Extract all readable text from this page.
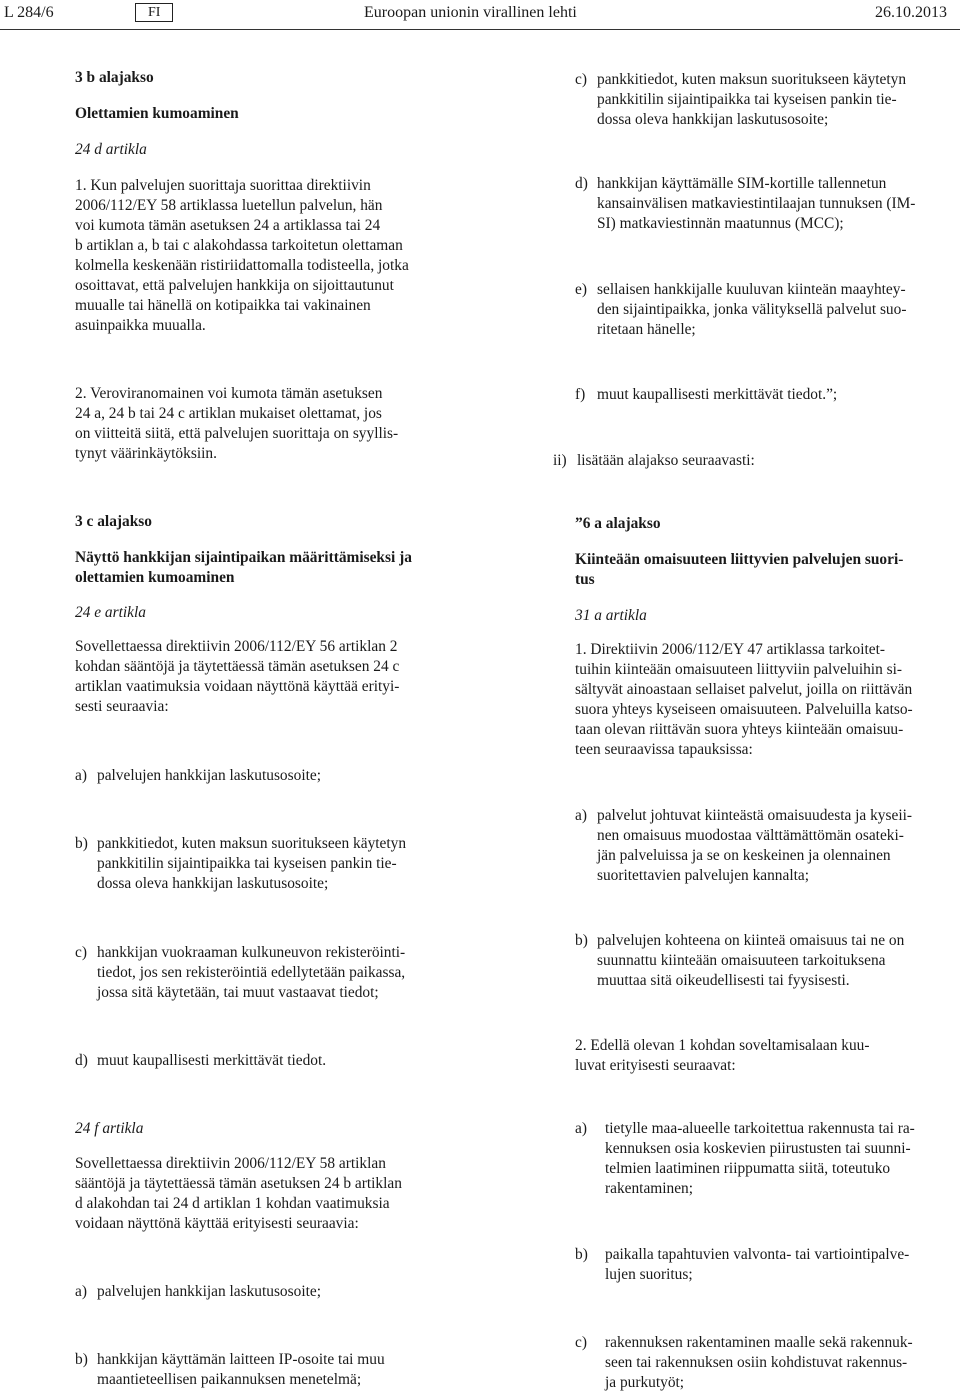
L 284/6	FI	Euroopan unionin virallinen lehti	26.10.2013
3 b alajakso
Olettamien kumoaminen
24 d artikla
1. Kun palvelujen suorittaja suorittaa direktiivin
2006/112/EY 58 artiklassa luetellun palvelun, hän
voi kumota tämän asetuksen 24 a artiklassa tai 24
b artiklan a, b tai c alakohdassa tarkoitetun olettaman
kolmella keskenään ristiriidattomalla todisteella, jotka
osoittavat, että palvelujen hankkija on sijoittautunut
muualle tai hänellä on kotipaikka tai vakinainen
asuinpaikka muualla.
2. Veroviranomainen voi kumota tämän asetuksen
24 a, 24 b tai 24 c artiklan mukaiset olettamat, jos
on viitteitä siitä, että palvelujen suorittaja on syyllis-
tynyt väärinkäytöksiin.
3 c alajakso
Näyttö hankkijan sijaintipaikan määrittämiseksi ja
olettamien kumoaminen
24 e artikla
Sovellettaessa direktiivin 2006/112/EY 56 artiklan 2
kohdan sääntöjä ja täytettäessä tämän asetuksen 24 c
artiklan vaatimuksia voidaan näyttönä käyttää erityi-
sesti seuraavia:
a) palvelujen hankkijan laskutusosoite;
b) pankkitiedot, kuten maksun suoritukseen käytetyn
pankkitilin sijaintipaikka tai kyseisen pankin tie-
dossa oleva hankkijan laskutusosoite;
c) hankkijan vuokraaman kulkuneuvon rekisteröinti-
tiedot, jos sen rekisteröintiä edellytetään paikassa,
jossa sitä käytetään, tai muut vastaavat tiedot;
d) muut kaupallisesti merkittävät tiedot.
24 f artikla
Sovellettaessa direktiivin 2006/112/EY 58 artiklan
sääntöjä ja täytettäessä tämän asetuksen 24 b artiklan
d alakohdan tai 24 d artiklan 1 kohdan vaatimuksia
voidaan näyttönä käyttää erityisesti seuraavia:
a) palvelujen hankkijan laskutusosoite;
b) hankkijan käyttämän laitteen IP-osoite tai muu
maantieteellisen paikannuksen menetelmä;
c) pankkitiedot, kuten maksun suoritukseen käytetyn
pankkitilin sijaintipaikka tai kyseisen pankin tie-
dossa oleva hankkijan laskutusosoite;
d) hankkijan käyttämälle SIM-kortille tallennetun
kansainvälisen matkaviestintilaajan tunnuksen (IM-
SI) matkaviestinnän maatunnus (MCC);
e) sellaisen hankkijalle kuuluvan kiinteän maayhtey-
den sijaintipaikka, jonka välityksellä palvelut suo-
ritetaan hänelle;
f) muut kaupallisesti merkittävät tiedot.”;
ii) lisätään alajakso seuraavasti:
”6 a alajakso
Kiinteään omaisuuteen liittyvien palvelujen suori-
tus
31 a artikla
1. Direktiivin 2006/112/EY 47 artiklassa tarkoitet-
tuihin kiinteään omaisuuteen liittyviin palveluihin si-
sältyvät ainoastaan sellaiset palvelut, joilla on riittävän
suora yhteys kyseiseen omaisuuteen. Palveluilla katso-
taan olevan riittävän suora yhteys kiinteään omaisuu-
teen seuraavissa tapauksissa:
a) palvelut johtuvat kiinteästä omaisuudesta ja kyseii-
nen omaisuus muodostaa välttämättömän osateki-
jän palveluissa ja se on keskeinen ja olennainen
suoritettavien palvelujen kannalta;
b) palvelujen kohteena on kiinteä omaisuus tai ne on
suunnattu kiinteään omaisuuteen tarkoituksena
muuttaa sitä oikeudellisesti tai fyysisesti.
2. Edellä olevan 1 kohdan soveltamisalaan kuu-
luvat erityisesti seuraavat:
a) tietylle maa-alueelle tarkoitettua rakennusta tai ra-
kennuksen osia koskevien piirustusten tai suunni-
telmien laatiminen riippumatta siitä, toteutuko
rakentaminen;
b) paikalla tapahtuvien valvonta- tai vartiointipalve-
lujen suoritus;
c) rakennuksen rakentaminen maalle sekä rakennuk-
seen tai rakennuksen osiin kohdistuvat rakennus-
ja purkutyöt;
